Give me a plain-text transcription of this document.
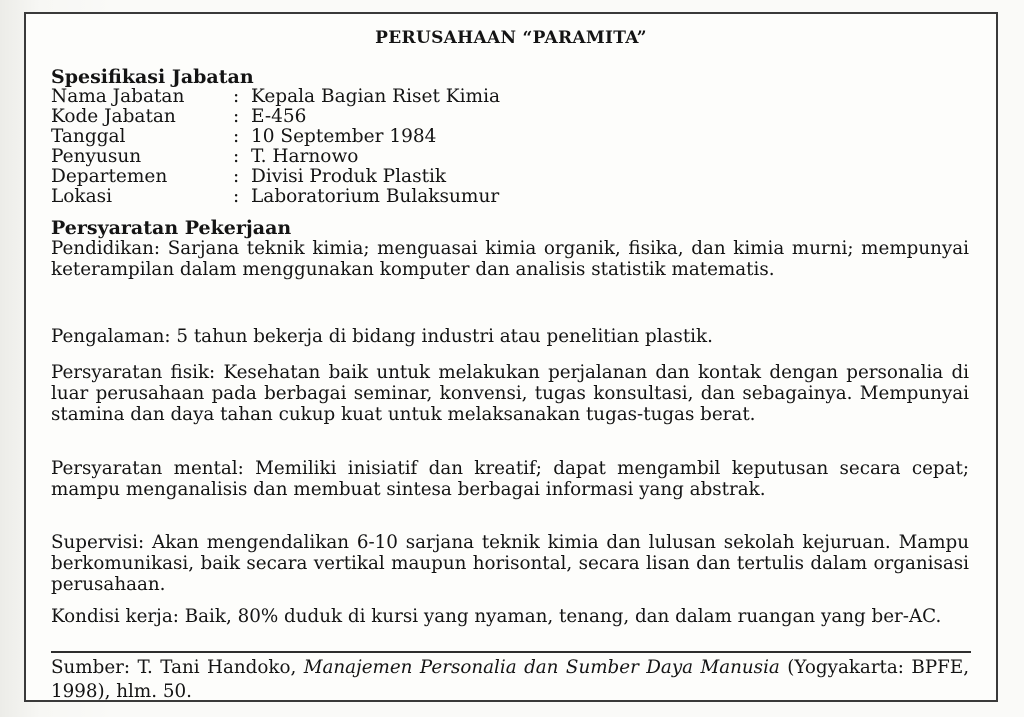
PERUSAHAAN “PARAMITA”
Spesifikasi Jabatan
Nama Jabatan	: Kepala Bagian Riset Kimia
Kode Jabatan	: E-456
Tanggal	: 10 September 1984
Penyusun	: T. Harnowo
Departemen	: Divisi Produk Plastik
Lokasi	: Laboratorium Bulaksumur
Persyaratan Pekerjaan
Pendidikan: Sarjana teknik kimia; menguasai kimia organik, fisika, dan kimia murni; mempunyai keterampilan dalam menggunakan komputer dan analisis statistik matematis.
Pengalaman: 5 tahun bekerja di bidang industri atau penelitian plastik.
Persyaratan fisik: Kesehatan baik untuk melakukan perjalanan dan kontak dengan personalia di luar perusahaan pada berbagai seminar, konvensi, tugas konsultasi, dan sebagainya. Mempunyai stamina dan daya tahan cukup kuat untuk melaksanakan tugas-tugas berat.
Persyaratan mental: Memiliki inisiatif dan kreatif; dapat mengambil keputusan secara cepat; mampu menganalisis dan membuat sintesa berbagai informasi yang abstrak.
Supervisi: Akan mengendalikan 6-10 sarjana teknik kimia dan lulusan sekolah kejuruan. Mampu berkomunikasi, baik secara vertikal maupun horisontal, secara lisan dan tertulis dalam organisasi perusahaan.
Kondisi kerja: Baik, 80% duduk di kursi yang nyaman, tenang, dan dalam ruangan yang ber-AC.
Sumber: T. Tani Handoko, Manajemen Personalia dan Sumber Daya Manusia (Yogyakarta: BPFE, 1998), hlm. 50.
